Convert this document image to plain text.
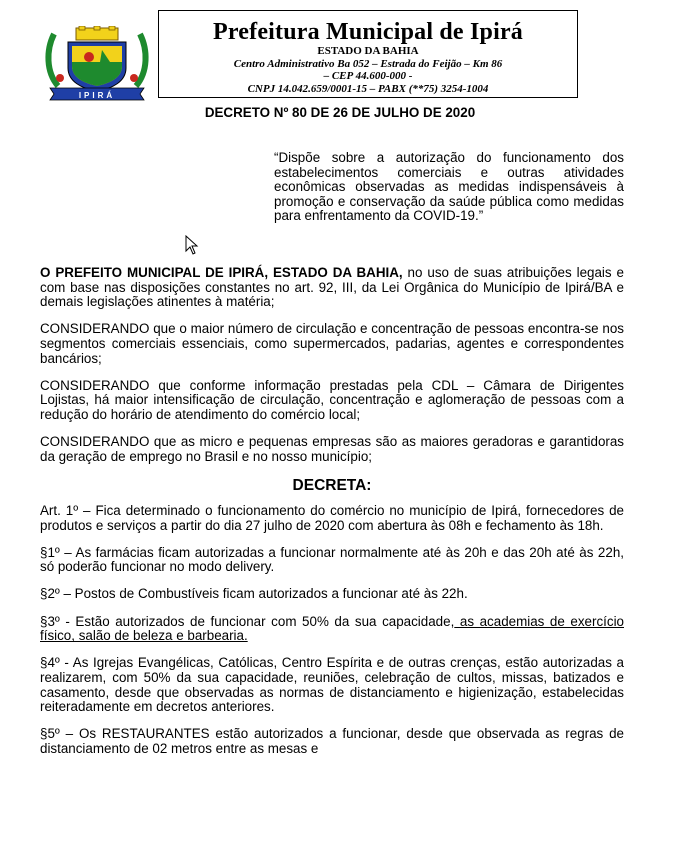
IPIRÁ
Prefeitura Municipal de Ipirá
ESTADO DA BAHIA
Centro Administrativo Ba 052 – Estrada do Feijão – Km 86
– CEP 44.600-000 -
CNPJ 14.042.659/0001-15 – PABX (**75) 3254-1004
DECRETO Nº 80 DE 26 DE JULHO DE 2020

“Dispõe sobre a autorização do funcionamento dos estabelecimentos comerciais e outras atividades econômicas observadas as medidas indispensáveis à promoção e conservação da saúde pública como medidas para enfrentamento da COVID-19.”

O PREFEITO MUNICIPAL DE IPIRÁ, ESTADO DA BAHIA, no uso de suas atribuições legais e com base nas disposições constantes no art. 92, III, da Lei Orgânica do Município de Ipirá/BA e demais legislações atinentes à matéria;

CONSIDERANDO que o maior número de circulação e concentração de pessoas encontra-se nos segmentos comerciais essenciais, como supermercados, padarias, agentes e correspondentes bancários;

CONSIDERANDO que conforme informação prestadas pela CDL – Câmara de Dirigentes Lojistas, há maior intensificação de circulação, concentração e aglomeração de pessoas com a redução do horário de atendimento do comércio local;

CONSIDERANDO que as micro e pequenas empresas são as maiores geradoras e garantidoras da geração de emprego no Brasil e no nosso município;

DECRETA:

Art. 1º – Fica determinado o funcionamento do comércio no município de Ipirá, fornecedores de produtos e serviços a partir do dia 27 julho de 2020 com abertura às 08h e fechamento às 18h.

§1º – As farmácias ficam autorizadas a funcionar normalmente até às 20h e das 20h até às 22h, só poderão funcionar no modo delivery.

§2º – Postos de Combustíveis ficam autorizados a funcionar até às 22h.

§3º - Estão autorizados de funcionar com 50% da sua capacidade, as academias de exercício físico, salão de beleza e barbearia.

§4º - As Igrejas Evangélicas, Católicas, Centro Espírita e de outras crenças, estão autorizadas a realizarem, com 50% da sua capacidade, reuniões, celebração de cultos, missas, batizados e casamento, desde que observadas as normas de distanciamento e higienização, estabelecidas reiteradamente em decretos anteriores.

§5º – Os RESTAURANTES estão autorizados a funcionar, desde que observada as regras de distanciamento de 02 metros entre as mesas e
